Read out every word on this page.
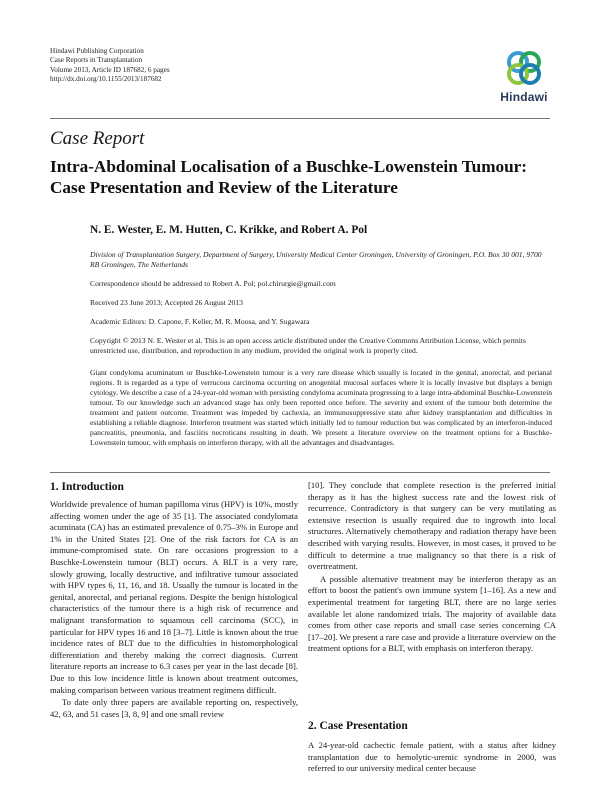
Hindawi Publishing Corporation
Case Reports in Transplantation
Volume 2013, Article ID 187682, 6 pages
http://dx.doi.org/10.1155/2013/187682
Hindawi
Case Report
Intra-Abdominal Localisation of a Buschke-Lowenstein Tumour: Case Presentation and Review of the Literature
N. E. Wester, E. M. Hutten, C. Krikke, and Robert A. Pol
Division of Transplantation Surgery, Department of Surgery, University Medical Center Groningen, University of Groningen, P.O. Box 30 001, 9700 RB Groningen, The Netherlands
Correspondence should be addressed to Robert A. Pol; pol.chirurgie@gmail.com
Received 23 June 2013; Accepted 26 August 2013
Academic Editors: D. Capone, F. Keller, M. R. Moosa, and Y. Sugawara
Copyright © 2013 N. E. Wester et al. This is an open access article distributed under the Creative Commons Attribution License, which permits unrestricted use, distribution, and reproduction in any medium, provided the original work is properly cited.
Giant condyloma acuminatum or Buschke-Lowenstein tumour is a very rare disease which usually is located in the genital, anorectal, and perianal regions. It is regarded as a type of verrucous carcinoma occurring on anogenital mucosal surfaces where it is locally invasive but displays a benign cytology. We describe a case of a 24-year-old woman with persisting condyloma acuminata progressing to a large intra-abdominal Buschke-Lowenstein tumour. To our knowledge such an advanced stage has only been reported once before. The severity and extent of the tumour both determine the treatment and patient outcome. Treatment was impeded by cachexia, an immunosuppressive state after kidney transplantation and difficulties in establishing a reliable diagnose. Interferon treatment was started which initially led to tumour reduction but was complicated by an interferon-induced pancreatitis, pneumonia, and fasciitis necroticans resulting in death. We present a literature overview on the treatment options for a Buschke-Lowenstein tumour, with emphasis on interferon therapy, with all the advantages and disadvantages.
1. Introduction

Worldwide prevalence of human papilloma virus (HPV) is 10%, mostly affecting women under the age of 35 [1]. The associated condylomata acuminata (CA) has an estimated prevalence of 0.75–3% in Europe and 1% in the United States [2]. One of the risk factors for CA is an immune-compromised state. On rare occasions progression to a Buschke-Lowenstein tumour (BLT) occurs. A BLT is a very rare, slowly growing, locally destructive, and infiltrative tumour associated with HPV types 6, 11, 16, and 18. Usually the tumour is located in the genital, anorectal, and perianal regions. Despite the benign histological characteristics of the tumour there is a high risk of recurrence and malignant transformation to squamous cell carcinoma (SCC), in particular for HPV types 16 and 18 [3–7]. Little is known about the true incidence rates of BLT due to the difficulties in histomorphological differentiation and thereby making the correct diagnosis. Current literature reports an increase to 6.3 cases per year in the last decade [8]. Due to this low incidence little is known about treatment outcomes, making comparison between various treatment regimens difficult.

To date only three papers are available reporting on, respectively, 42, 63, and 51 cases [3, 8, 9] and one small review

[10]. They conclude that complete resection is the preferred initial therapy as it has the highest success rate and the lowest risk of recurrence. Contradictory is that surgery can be very mutilating as extensive resection is usually required due to ingrowth into local structures. Alternatively chemotherapy and radiation therapy have been described with varying results. However, in most cases, it proved to be difficult to determine a true malignancy so that there is a risk of overtreatment.

A possible alternative treatment may be interferon therapy as an effort to boost the patient's own immune system [1–16]. As a new and experimental treatment for targeting BLT, there are no large series available let alone randomized trials. The majority of available data comes from other case reports and small case series concerning CA [17–20]. We present a rare case and provide a literature overview on the treatment options for a BLT, with emphasis on interferon therapy.

2. Case Presentation

A 24-year-old cachectic female patient, with a status after kidney transplantation due to hemolytic-uremic syndrome in 2000, was referred to our university medical center because
